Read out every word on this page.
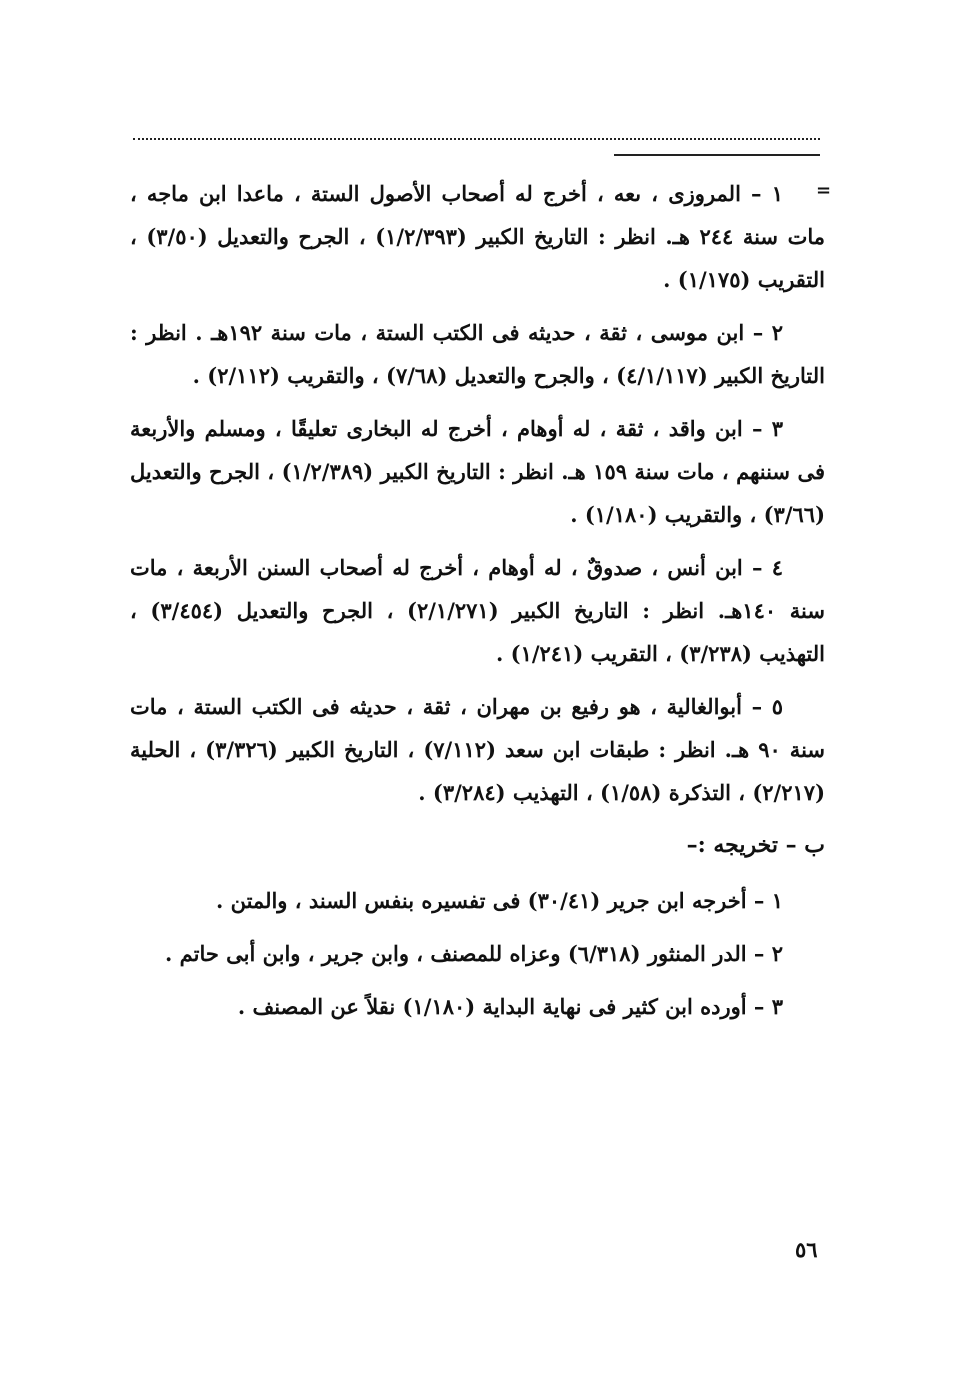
=

١ – المروزى ، ىعه ، أخرج له أصحاب الأصول الستة ، ماعدا ابن ماجه ، مات سنة ٢٤٤ هـ. انظر : التاريخ الكبير (١/٢/٣٩٣) ، الجرح والتعديل (٣/٥٠) ، التقريب (١/١٧٥) .

٢ – ابن موسى ، ثقة ، حديثه فى الكتب الستة ، مات سنة ١٩٢هـ . انظر : التاريخ الكبير (٤/١/١١٧) ، والجرح والتعديل (٧/٦٨) ، والتقريب (٢/١١٢) .

٣ – ابن واقد ، ثقة ، له أوهام ، أخرج له البخارى تعليقًا ، ومسلم والأربعة فى سننهم ، مات سنة ١٥٩ هـ. انظر : التاريخ الكبير (١/٢/٣٨٩) ، الجرح والتعديل (٣/٦٦) ، والتقريب (١/١٨٠) .

٤ – ابن أنس ، صدوقٌ ، له أوهام ، أخرج له أصحاب السنن الأربعة ، مات سنة ١٤٠هـ. انظر : التاريخ الكبير (٢/١/٢٧١) ، الجرح والتعديل (٣/٤٥٤) ، التهذيب (٣/٢٣٨) ، التقريب (١/٢٤١) .

٥ – أبوالغالية ، هو رفيع بن مهران ، ثقة ، حديثه فى الكتب الستة ، مات سنة ٩٠ هـ. انظر : طبقات ابن سعد (٧/١١٢) ، التاريخ الكبير (٣/٣٢٦) ، الحلية (٢/٢١٧) ، التذكرة (١/٥٨) ، التهذيب (٣/٢٨٤) .

ب – تخريجه :–

١ – أخرجه ابن جرير (٣٠/٤١) فى تفسيره بنفس السند ، والمتن .

٢ – الدر المنثور (٦/٣١٨) وعزاه للمصنف ، وابن جرير ، وابن أبى حاتم .

٣ – أورده ابن كثير فى نهاية البداية (١/١٨٠) نقلاً عن المصنف .

٥٦
